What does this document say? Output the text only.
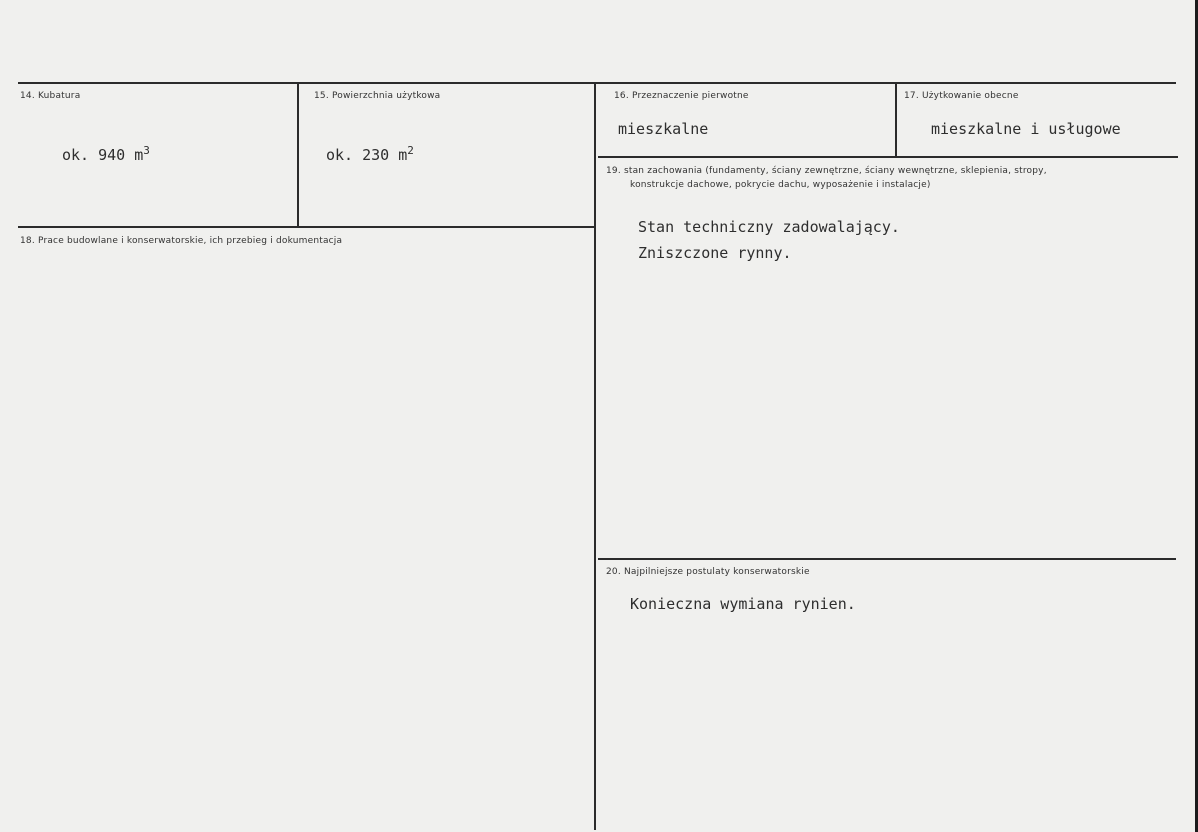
14. Kubatura
ok. 940 $m^3$
15. Powierzchnia użytkowa
ok. 230 $m^2$
16. Przeznaczenie pierwotne
mieszkalne
17. Użytkowanie obecne
mieszkalne i usługowe
18. Prace budowlane i konserwatorskie, ich przebieg i dokumentacja
19. stan zachowania (fundamenty, ściany zewnętrzne, ściany wewnętrzne, sklepienia, stropy,
konstrukcje dachowe, pokrycie dachu, wyposażenie i instalacje)
Stan techniczny zadowalający.
Zniszczone rynny.
20. Najpilniejsze postulaty konserwatorskie
Konieczna wymiana rynien.
